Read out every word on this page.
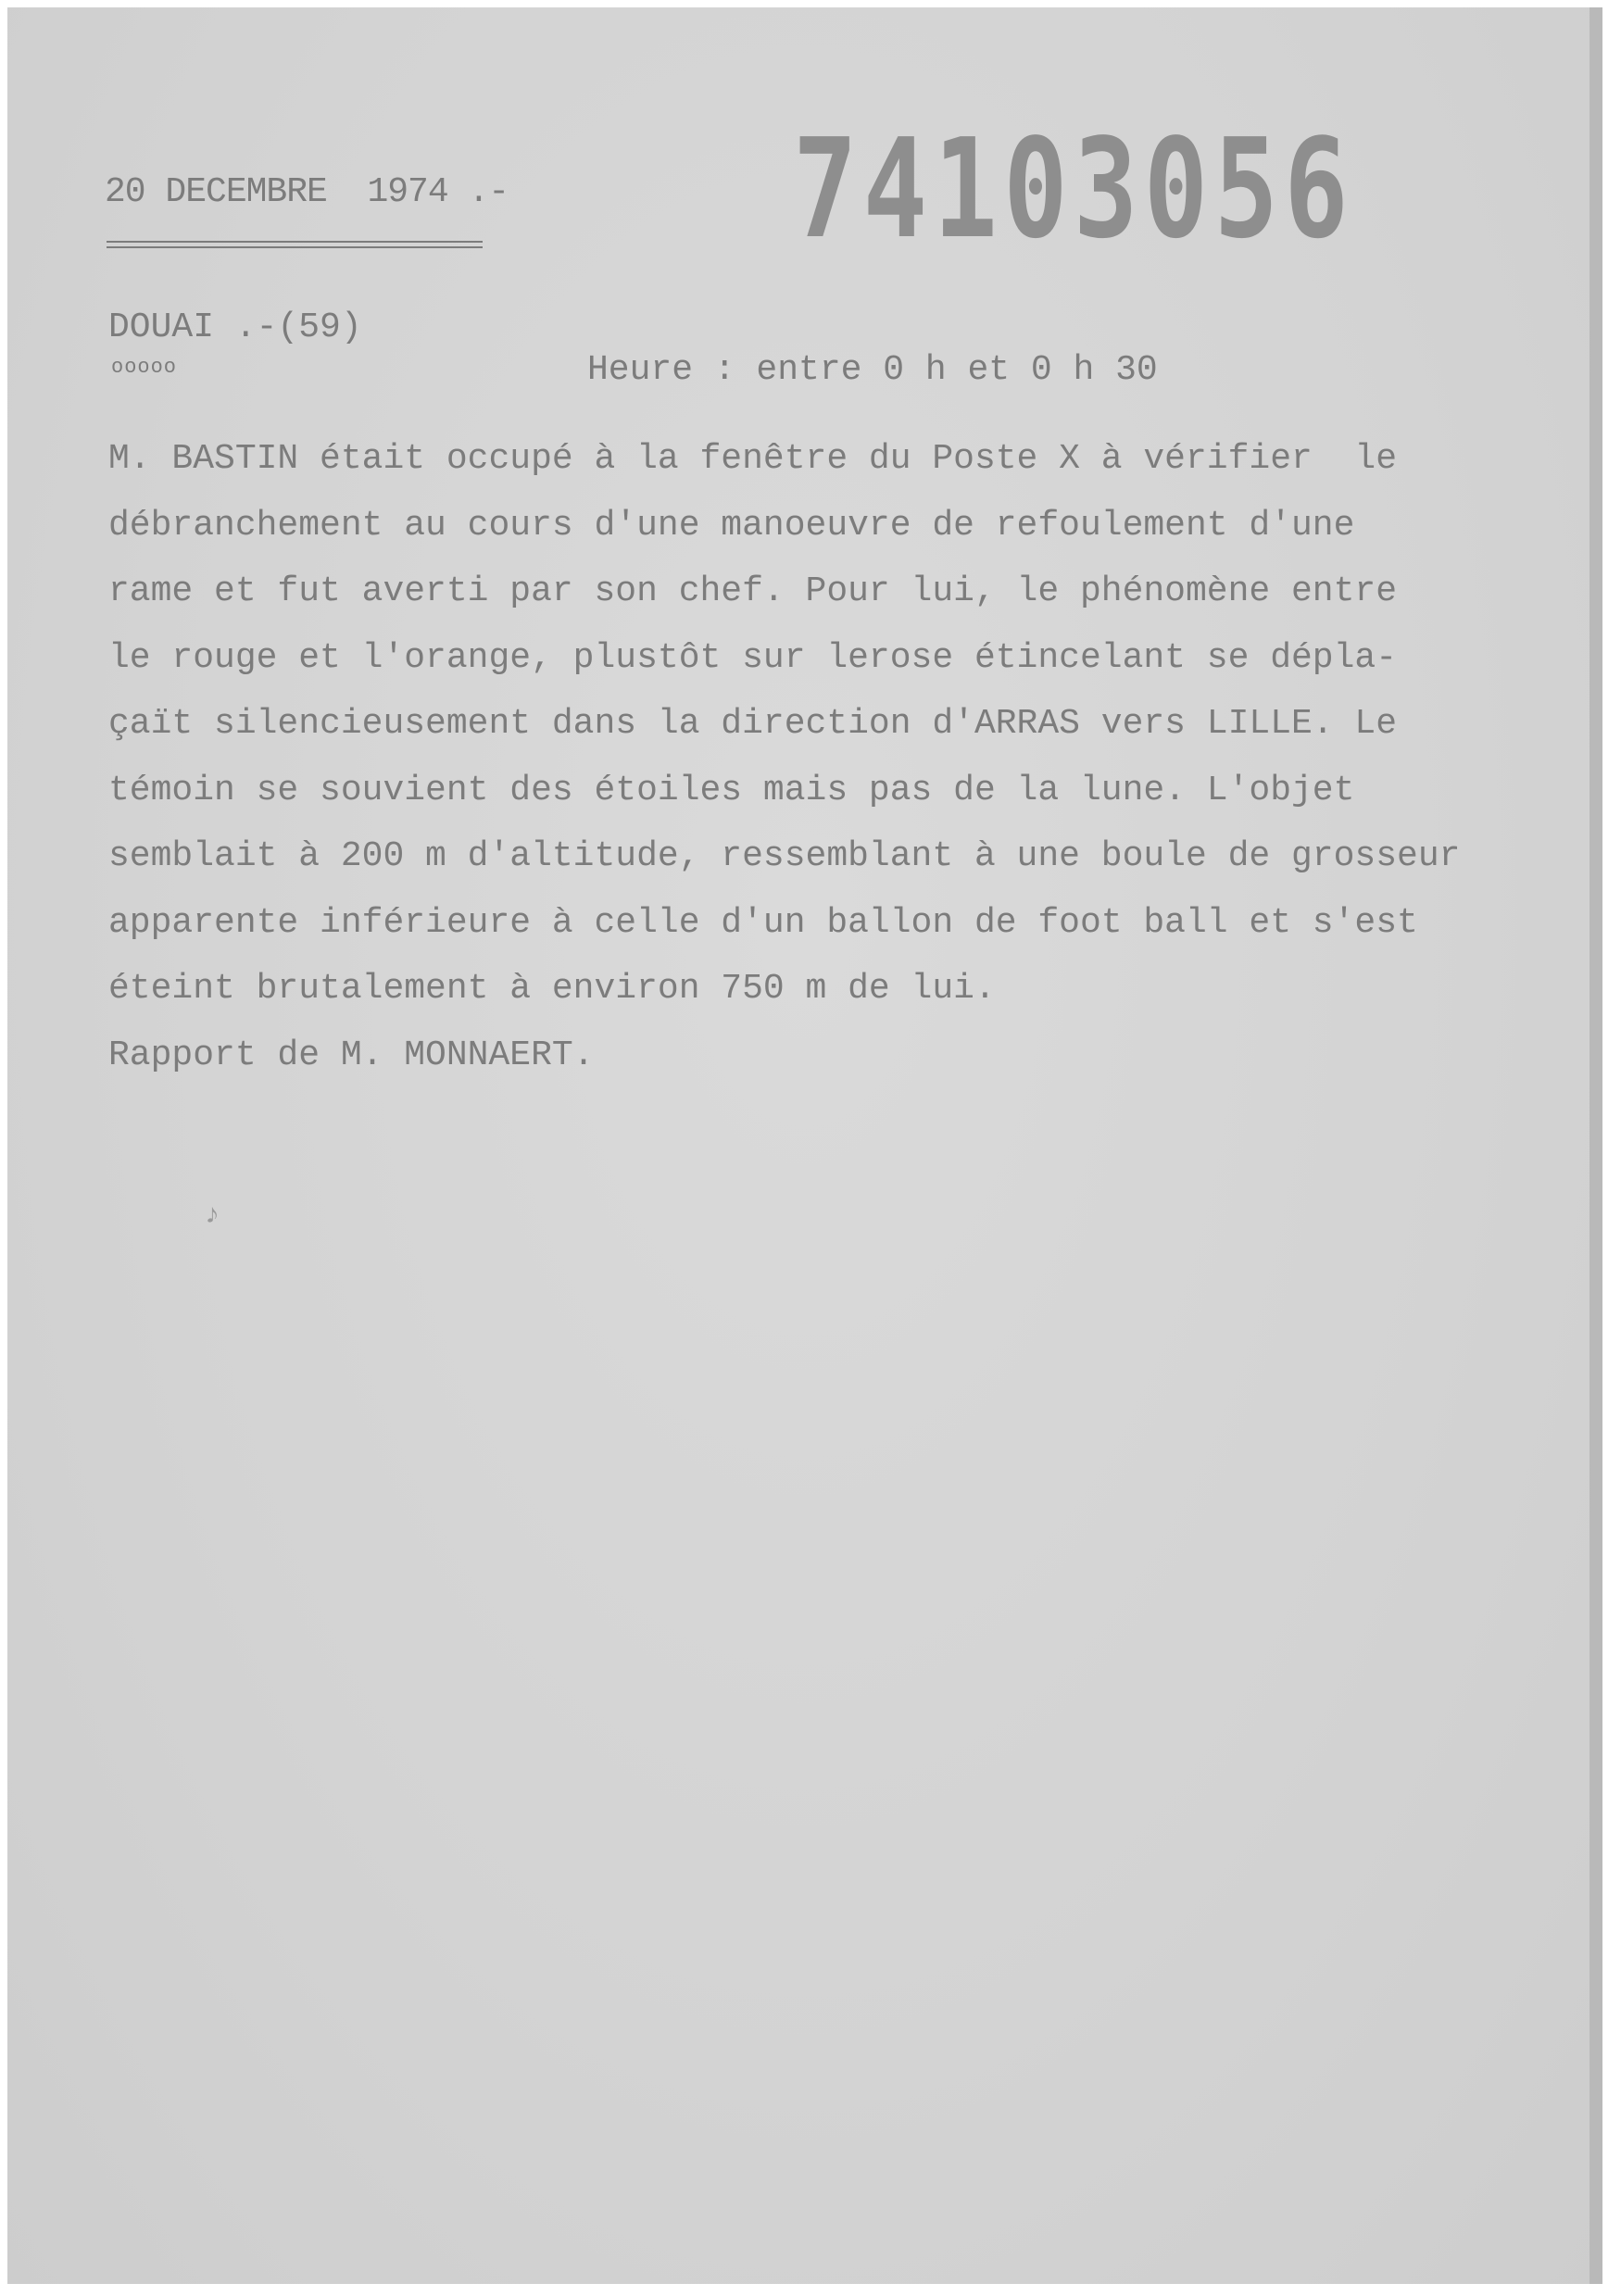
20 DECEMBRE  1974 .- 74103056
DOUAI .-(59)
ooooo	Heure : entre 0 h et 0 h 30
M. BASTIN était occupé à la fenêtre du Poste X à vérifier  le
débranchement au cours d'une manoeuvre de refoulement d'une
rame et fut averti par son chef. Pour lui, le phénomène entre
le rouge et l'orange, plustôt sur lerose étincelant se dépla-
çaït silencieusement dans la direction d'ARRAS vers LILLE. Le
témoin se souvient des étoiles mais pas de la lune. L'objet
semblait à 200 m d'altitude, ressemblant à une boule de grosseur
apparente inférieure à celle d'un ballon de foot ball et s'est
éteint brutalement à environ 750 m de lui.
Rapport de M. MONNAERT.
♪
